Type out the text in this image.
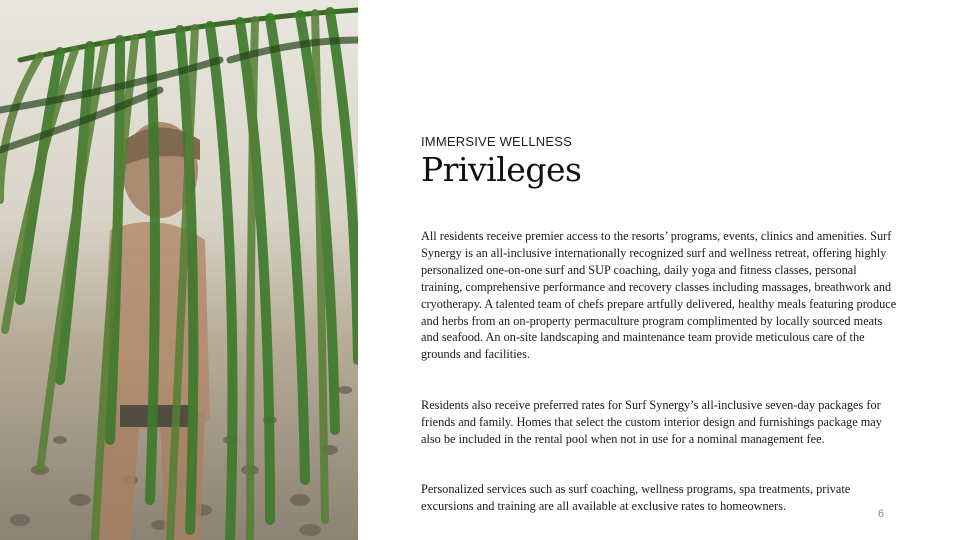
IMMERSIVE WELLNESS
Privileges

All residents receive premier access to the resorts’ programs, events, clinics and amenities. Surf Synergy is an all-inclusive internationally recognized surf and wellness retreat, offering highly personalized one-on-one surf and SUP coaching, daily yoga and fitness classes, personal training, comprehensive performance and recovery classes including massages, breathwork and cryotherapy. A talented team of chefs prepare artfully delivered, healthy meals featuring produce and herbs from an on-property permaculture program complimented by locally sourced meats and seafood. An on-site landscaping and maintenance team provide meticulous care of the grounds and facilities.

Residents also receive preferred rates for Surf Synergy’s all-inclusive seven-day packages for friends and family. Homes that select the custom interior design and furnishings package may also be included in the rental pool when not in use for a nominal management fee.

Personalized services such as surf coaching, wellness programs, spa treatments, private excursions and training are all available at exclusive rates to homeowners.

6
